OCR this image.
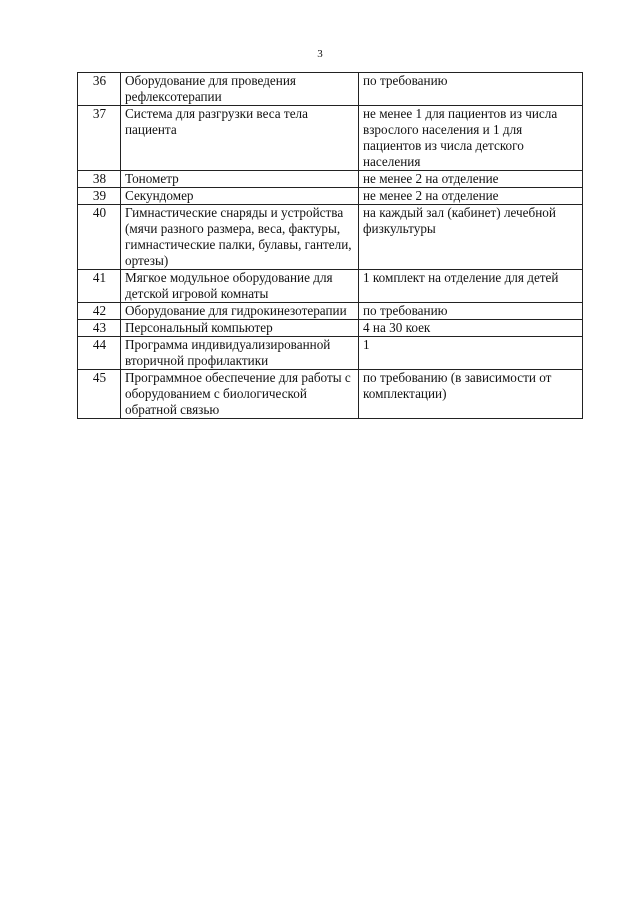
3
36	Оборудование для проведения рефлексотерапии	по требованию
37	Система для разгрузки веса тела пациента	не менее 1 для пациентов из числа взрослого населения и 1 для пациентов из числа детского населения
38	Тонометр	не менее 2 на отделение
39	Секундомер	не менее 2 на отделение
40	Гимнастические снаряды и устройства (мячи разного размера, веса, фактуры, гимнастические палки, булавы, гантели, ортезы)	на каждый зал (кабинет) лечебной физкультуры
41	Мягкое модульное оборудование для детской игровой комнаты	1 комплект на отделение для детей
42	Оборудование для гидрокинезотерапии	по требованию
43	Персональный компьютер	4 на 30 коек
44	Программа индивидуализированной вторичной профилактики	1
45	Программное обеспечение для работы с оборудованием с биологической обратной связью	по требованию (в зависимости от комплектации)
